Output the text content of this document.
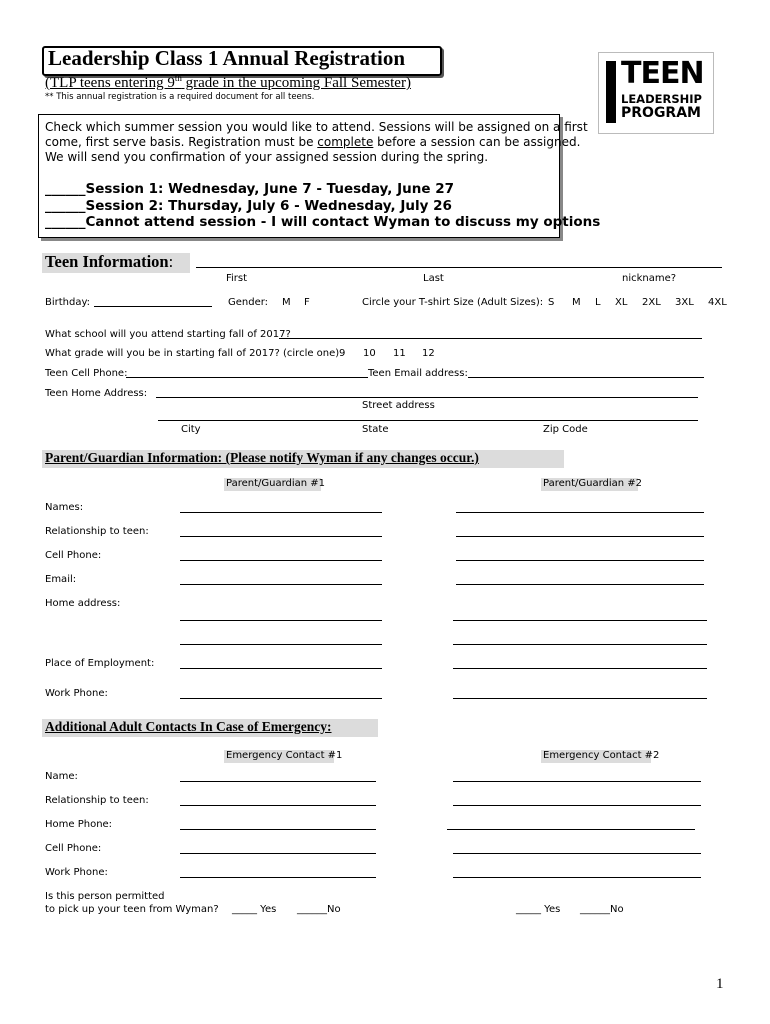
Leadership Class 1 Annual Registration
(TLP teens entering 9th grade in the upcoming Fall Semester)
** This annual registration is a required document for all teens.
TEEN
LEADERSHIP
PROGRAM
Check which summer session you would like to attend. Sessions will be assigned on a first
come, first serve basis. Registration must be complete before a session can be assigned.
We will send you confirmation of your assigned session during the spring.
______Session 1: Wednesday, June 7 - Tuesday, June 27
______Session 2: Thursday, July 6 - Wednesday, July 26
______Cannot attend session - I will contact Wyman to discuss my options
Teen Information:
First	Last	nickname?
Birthday:	Gender: M F	Circle your T-shirt Size (Adult Sizes): S M L XL 2XL 3XL 4XL
What school will you attend starting fall of 2017?
What grade will you be in starting fall of 2017? (circle one) 9 10 11 12
Teen Cell Phone:	Teen Email address:
Teen Home Address:
Street address
City	State	Zip Code
Parent/Guardian Information: (Please notify Wyman if any changes occur.)
Parent/Guardian #1	Parent/Guardian #2
Names:
Relationship to teen:
Cell Phone:
Email:
Home address:
Place of Employment:
Work Phone:
Additional Adult Contacts In Case of Emergency:
Emergency Contact #1	Emergency Contact #2
Name:
Relationship to teen:
Home Phone:
Cell Phone:
Work Phone:
Is this person permitted
to pick up your teen from Wyman? _____ Yes ______No	_____ Yes ______No
1
